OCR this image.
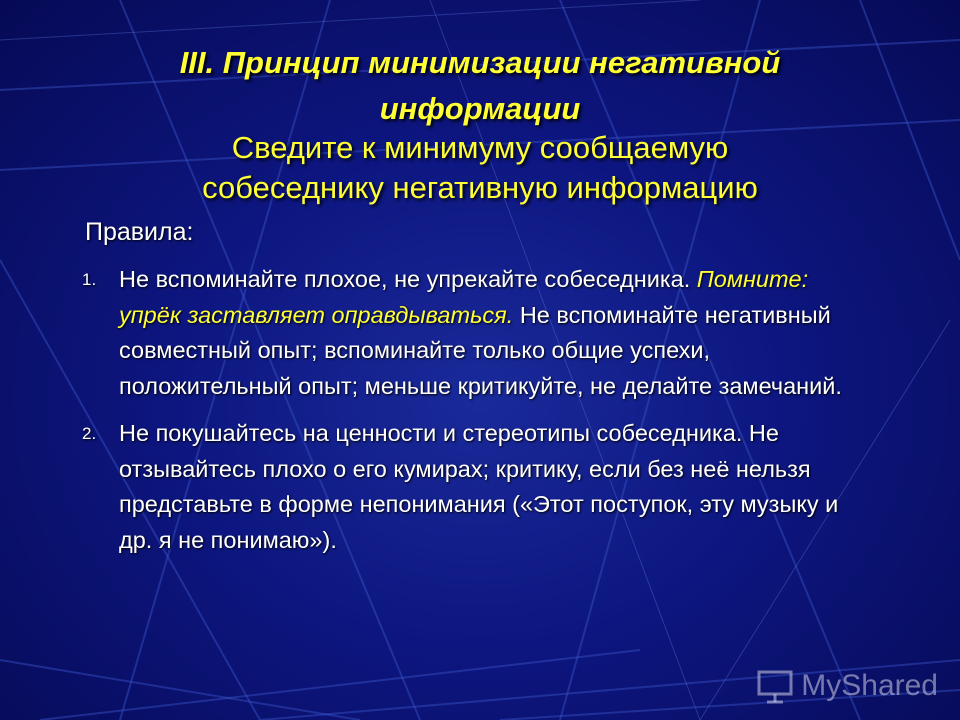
III. Принцип минимизации негативной
информации
Сведите к минимуму сообщаемую
собеседнику негативную информацию
Правила:
1. Не вспоминайте плохое, не упрекайте собеседника. Помните: упрёк заставляет оправдываться. Не вспоминайте негативный совместный опыт; вспоминайте только общие успехи, положительный опыт; меньше критикуйте, не делайте замечаний.
2. Не покушайтесь на ценности и стереотипы собеседника. Не отзывайтесь плохо о его кумирах; критику, если без неё нельзя представьте в форме непонимания («Этот поступок, эту музыку и др. я не понимаю»).
MyShared
